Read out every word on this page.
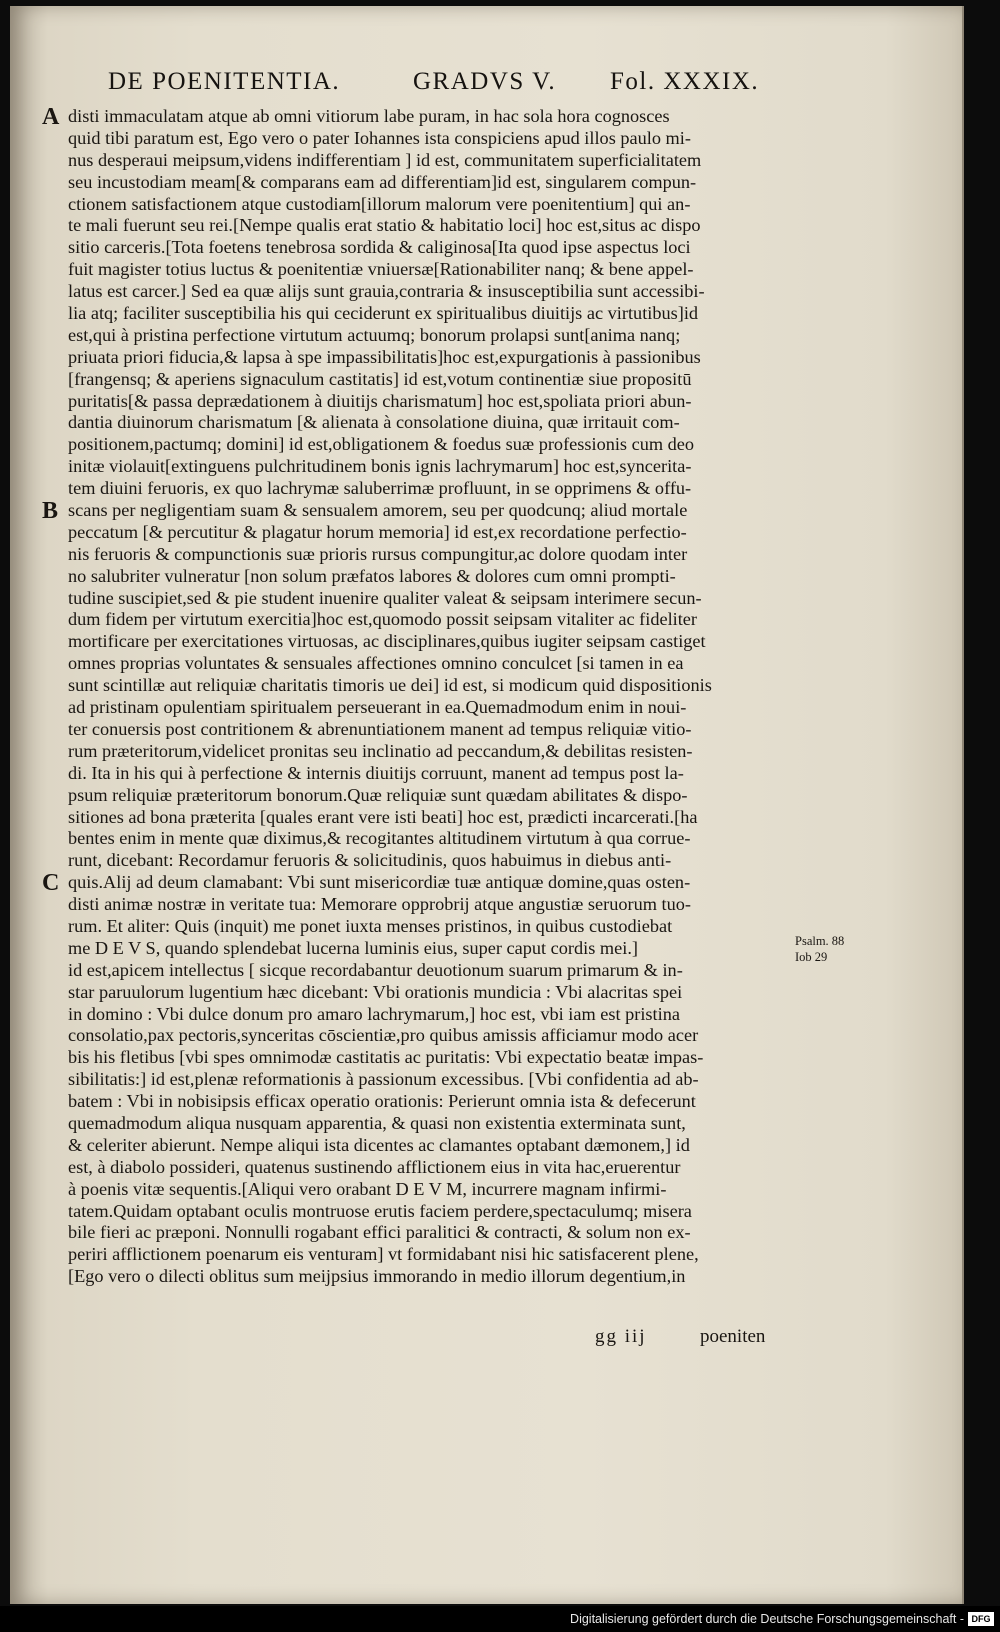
DE POENITENTIA.	GRADVS V. Fol. XXXIX.
disti immaculatam atque ab omni vitiorum labe puram, in hac sola hora cognosces
A
quid tibi paratum est, Ego vero o pater Iohannes ista conspiciens apud illos paulo mi-
nus desperaui meipsum,videns indifferentiam ] id est, communitatem superficialitatem
seu incustodiam meam[& comparans eam ad differentiam]id est, singularem compun-
ctionem satisfactionem atque custodiam[illorum malorum vere poenitentium] qui an-
te mali fuerunt seu rei.[Nempe qualis erat statio & habitatio loci] hoc est,situs ac dispo
sitio carceris.[Tota foetens tenebrosa sordida & caliginosa[Ita quod ipse aspectus loci
fuit magister totius luctus & poenitentiæ vniuersæ[Rationabiliter nanq; & bene appel-
latus est carcer.] Sed ea quæ alijs sunt grauia,contraria & insusceptibilia sunt accessibi-
lia atq; faciliter susceptibilia his qui ceciderunt ex spiritualibus diuitijs ac virtutibus]id
est,qui à pristina perfectione virtutum actuumq; bonorum prolapsi sunt[anima nanq;
priuata priori fiducia,& lapsa à spe impassibilitatis]hoc est,expurgationis à passionibus
[frangensq; & aperiens signaculum castitatis] id est,votum continentiæ siue propositū
puritatis[& passa deprædationem à diuitijs charismatum] hoc est,spoliata priori abun-
dantia diuinorum charismatum [& alienata à consolatione diuina, quæ irritauit com-
positionem,pactumq; domini] id est,obligationem & foedus suæ professionis cum deo
initæ violauit[extinguens pulchritudinem bonis ignis lachrymarum] hoc est,synceritа-
tem diuini feruoris, ex quo lachrymæ saluberrimæ profluunt, in se opprimens & offu-
scans per negligentiam suam & sensualem amorem, seu per quodcunq; aliud mortale
B
peccatum [& percutitur & plagatur horum memoria] id est,ex recordatione perfectio-
nis feruoris & compunctionis suæ prioris rursus compungitur,ac dolore quodam inter
no salubriter vulneratur [non solum præfatos labores & dolores cum omni prompti-
tudine suscipiet,sed & pie student inuenire qualiter valeat & seipsam interimere secun-
dum fidem per virtutum exercitia]hoc est,quomodo possit seipsam vitaliter ac fideliter
mortificare per exercitationes virtuosas, ac disciplinares,quibus iugiter seipsam castiget
omnes proprias voluntates & sensuales affectiones omnino conculcet [si tamen in ea
sunt scintillæ aut reliquiæ charitatis timoris ue dei] id est, si modicum quid dispositionis
ad pristinam opulentiam spiritualem perseuerant in ea.Quemadmodum enim in noui-
ter conuersis post contritionem & abrenuntiationem manent ad tempus reliquiæ vitio-
rum præteritorum,videlicet pronitas seu inclinatio ad peccandum,& debilitas resisten-
di. Ita in his qui à perfectione & internis diuitijs corruunt, manent ad tempus post la-
psum reliquiæ præteritorum bonorum.Quæ reliquiæ sunt quædam abilitates & dispo-
sitiones ad bona præterita [quales erant vere isti beati] hoc est, prædicti incarcerati.[ha
bentes enim in mente quæ diximus,& recogitantes altitudinem virtutum à qua corrue-
runt, dicebant: Recordamur feruoris & solicitudinis, quos habuimus in diebus anti-
quis.Alij ad deum clamabant: Vbi sunt misericordiæ tuæ antiquæ domine,quas osten-
C
disti animæ nostræ in veritate tua: Memorare opprobrij atque angustiæ seruorum tuo-
rum. Et aliter: Quis (inquit) me ponet iuxta menses pristinos, in quibus custodiebat
me D E V S, quando splendebat lucerna luminis eius, super caput cordis mei.]
id est,apicem intellectus [ sicque recordabantur deuotionum suarum primarum & in-
star paruulorum lugentium hæc dicebant: Vbi orationis mundicia : Vbi alacritas spei
in domino : Vbi dulce donum pro amaro lachrymarum,] hoc est, vbi iam est pristina
consolatio,pax pectoris,synceritas cōscientiæ,pro quibus amissis afficiamur modo acer
bis his fletibus [vbi spes omnimodæ castitatis ac puritatis: Vbi expectatio beatæ impas-
sibilitatis:] id est,plenæ reformationis à passionum excessibus. [Vbi confidentia ad ab-
batem : Vbi in nobisipsis efficax operatio orationis: Perierunt omnia ista & defecerunt
quemadmodum aliqua nusquam apparentia, & quasi non existentia exterminata sunt,
& celeriter abierunt. Nempe aliqui ista dicentes ac clamantes optabant dæmonem,] id
est, à diabolo possideri, quatenus sustinendo afflictionem eius in vita hac,eruerentur
à poenis vitæ sequentis.[Aliqui vero orabant D E V M, incurrere magnam infirmi-
tatem.Quidam optabant oculis montruose erutis faciem perdere,spectaculumq; misera
bile fieri ac præponi. Nonnulli rogabant effici paralitici & contracti, & solum non ex-
periri afflictionem poenarum eis venturam] vt formidabant nisi hic satisfacerent plene,
[Ego vero o dilecti oblitus sum meijpsius immorando in medio illorum degentium,in
Psalm. 88
Iob 29
gg iij	poeniten
Digitalisierung gefördert durch die Deutsche Forschungsgemeinschaft - DFG
